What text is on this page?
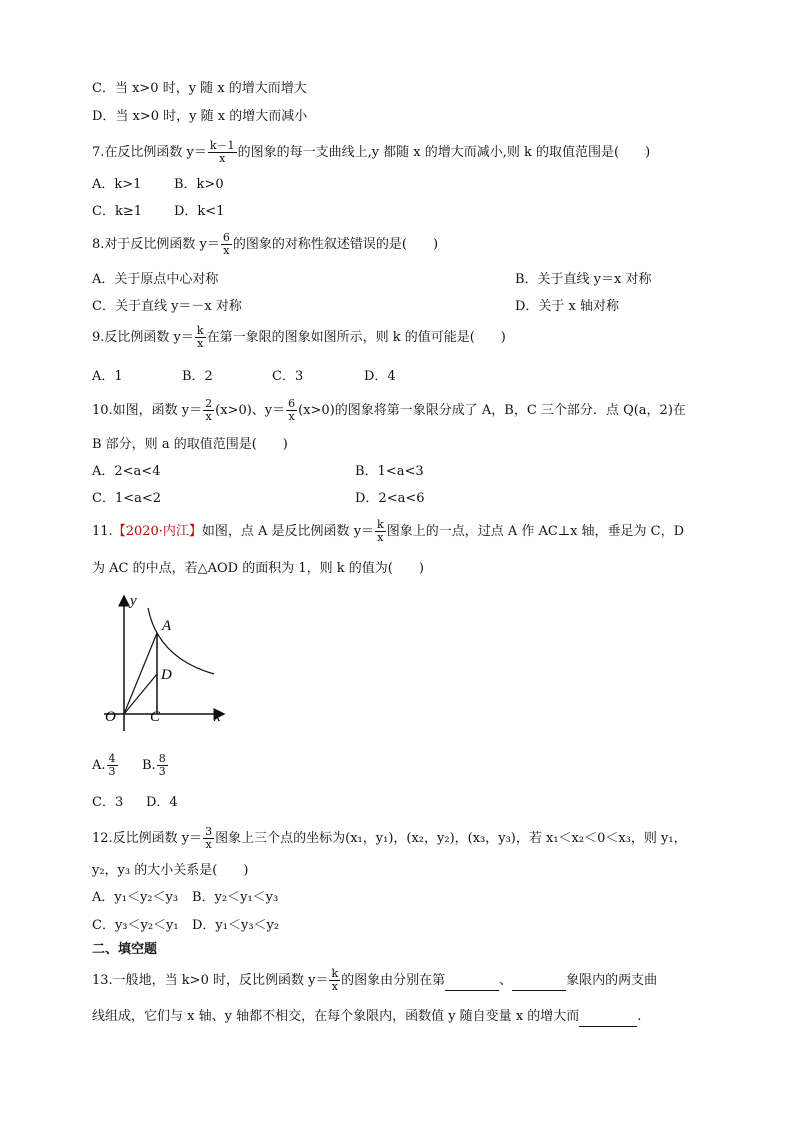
C．当 x>0 时，y 随 x 的增大而增大
D．当 x>0 时，y 随 x 的增大而减小
7.在反比例函数 $y= \frac{k-1}{x}$ 的图象的每一支曲线上,y 都随 x 的增大而减小,则 k 的取值范围是(　　)
A．k>1	B．k>0
C．k≥1 D．k<1
8.对于反比例函数 $y= \frac{6}{x}$ 的图象的对称性叙述错误的是(　　)
A．关于原点中心对称	B．关于直线 y＝x 对称
C．关于直线 y＝－x 对称	D．关于 x 轴对称
9.反比例函数 $y= \frac{k}{x}$ 在第一象限的图象如图所示，则 k 的值可能是(　　)
A．1	B．2	C．3	D．4
10.如图，函数 $y= \frac{2}{x} (x>0)$、$y= \frac{6}{x} (x>0)$的图象将第一象限分成了 A，B，C 三个部分．点 Q(a，2)在
B 部分，则 a 的取值范围是(　　)
A．2<a<4	B．1<a<3
C．1<a<2	D．2<a<6
11.【2020·内江】如图，点 A 是反比例函数 $y= \frac{k}{x}$ 图象上的一点，过点 A 作 AC⊥x 轴，垂足为 C，D
为 AC 的中点，若△AOD 的面积为 1，则 k 的值为(　　)
y
x
O
A
D
C
A. $\frac{4}{3} B$. $\frac{8}{3}$
C．3 D．4
12.反比例函数 $y= \frac{3}{x}$ 图象上三个点的坐标为(x₁，y₁)，(x₂，y₂)，(x₃，y₃)，若 x₁＜x₂＜0＜x₃，则 y₁，
y₂，y₃ 的大小关系是(　　)
A．y₁＜y₂＜y₃ B．y₂＜y₁＜y₃
C．y₃＜y₂＜y₁ D．y₁＜y₃＜y₂
二、填空题
13.一般地，当 k>0 时，反比例函数 $y= \frac{k}{x}$ 的图象由分别在第	、	象限内的两支曲
线组成，它们与 x 轴、y 轴都不相交，在每个象限内，函数值 y 随自变量 x 的增大而	.
